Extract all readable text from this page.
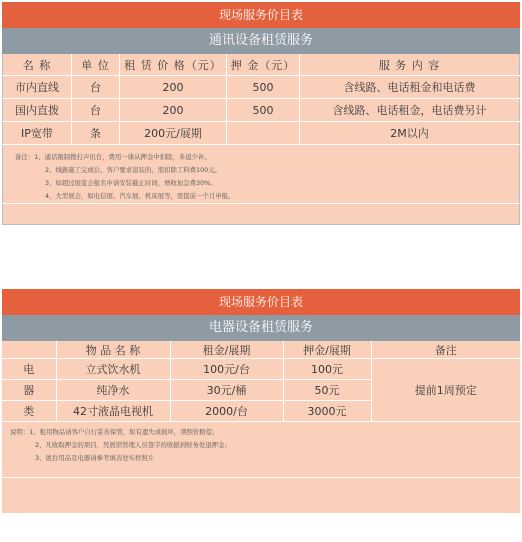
现场服务价目表
通讯设备租赁服务
名 称	单 位	租 赁 价 格（元）	押 金（元）	服 务 内 容
市内直线	台	200	500	含线路、电话租金和电话费
国内直拨	台	200	500	含线路、电话租金，电话费另计
IP宽带	条	200元/展期		2M以内
备注：1、通话限制拨打声讯台，费用一律从押金中扣除，多退少补。
2、线路施工完成后，客户要求退装的，需扣除工料费100元。
3、如超过展览会报名申请安装截止时间，增收加急费30%。
4、大型展会，如电信展、汽车展、机床展等，需提前一个月申报。
现场服务价目表
电器设备租赁服务
	物 品 名 称	租金/展期	押金/展期	备注
电	立式饮水机	100元/台	100元	提前1周预定
器	纯净水	30元/桶	50元	
类	42寸液晶电视机	2000/台	3000元	
说明：1、租用物品请客户自行妥善保管，如有遗失或损坏，须照价赔偿；
2、凡收取押金的项目，凭展馆管理人员签字的收据到财务处退押金；
3、展台用品及电器请参考填表处实样照片
